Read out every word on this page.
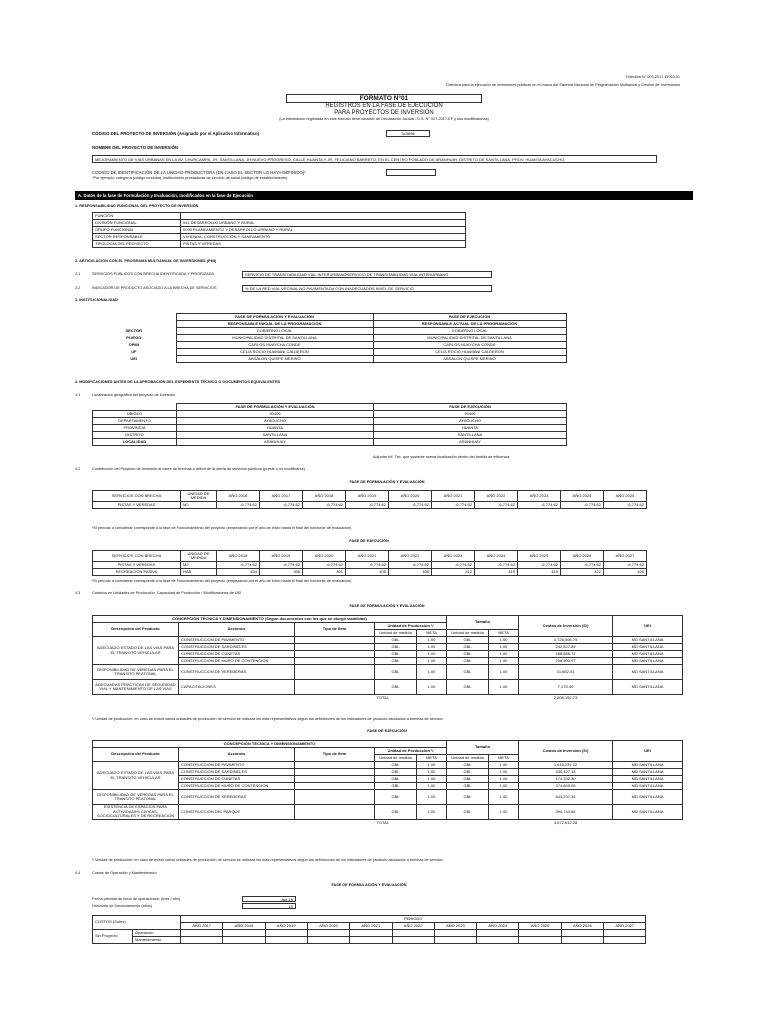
Directiva N° 003-2017-EF/63.01
Directiva para la ejecución de inversiones públicas en el marco del Sistema Nacional de Programación Multianual y Gestión de Inversiones
FORMATO N°01
REGISTROS EN LA FASE DE EJECUCIÓN
PARA PROYECTOS DE INVERSIÓN
(La información registrada en este formato tiene carácter de Declaración Jurada - D.S. N° 027-2017-EF y sus modificatorias)
CÓDIGO DEL PROYECTO DE INVERSIÓN (Asignado por el Aplicativo Informático)	343898
NOMBRE DEL PROYECTO DE INVERSIÓN
MEJORAMIENTO DE VIAS URBANAS EN LA AV. CHURCAMPA, JR. SANTILLANA, JR.NUEVO PROGRESO, CALLE HUANTA Y JR. FELICIANO BARRETO, EN EL CENTRO POBLADO DE ARANHUAY, DISTRITO DE SANTILLANA, PROV. HUANTA AYACUCHO
CODIGO DE IDENTIFICACIÓN DE LA UNIDAD PRODUCTORA (EN CASO EL SECTOR LO HAYA DEFINIDO)*
*Por ejemplo: categoría (código modular), instituciones prestadoras de servicio de salud (código de establecimiento)
A. Datos de la fase de Formulación y Evaluación, modificados en la fase de Ejecución
1. RESPONSABILIDAD FUNCIONAL DEL PROYECTO DE INVERSIÓN
FUNCIÓN	
DIVISIÓN FUNCIONAL	041 DESARROLLO URBANO Y RURAL
GRUPO FUNCIONAL	0090 PLANEAMIENTO Y DESARROLLO URBANO Y RURAL
SECTOR RESPONSABLE	VIVIENDA, CONSTRUCCIÓN Y SANEAMIENTO
TIPOLOGÍA DEL PROYECTO	PISTAS Y VEREDAS
2. ARTICULACIÓN CON EL PROGRAMA MULTIANUAL DE INVERSIONES (PMI)
2.1	SERVICIOS PÚBLICOS CON BRECHA IDENTIFICADA Y PRIORIZADA	SERVICIO DE TRANSITABILIDAD VIAL INTERURBANOSERVICIO DE TRANSITABILIDAD VIAL INTERURBANO
2.2	INDICADOR DE PRODUCTO ASOCIADO A LA BRECHA DE SERVICIOS	% DE LA RED VIAL VECINAL NO PAVIMENTADA CON INADECUADOS NIVEL DE SERVICIO
3. INSTITUCIONALIDAD
	FASE DE FORMULACIÓN Y EVALUACIÓN	FASE DE EJECUCIÓN
	RESPONSABLE INICIAL DE LA PROGRAMACIÓN	RESPONSABLE ACTUAL DE LA PROGRAMACIÓN
SECTOR	GOBIERNO LOCAL	GOBIERNO LOCAL
PLIEGO	MUNICIPALIDAD DISTRITAL DE SANTILLANA	MUNICIPALIDAD DISTRITAL DE SANTILLANA
OPMI	CARLOS HUAYCHA CONDE	CARLOS HUAYCHA CONDE
UF	CELIA ROCIO HUAMANI CALDERON	CELIA ROCIO HUAMANI CALDERON
UEI	ABSALON QUISPE MERINO	ABSALON QUISPE MERINO
4. MODIFICACIONES ANTES DE LA APROBACIÓN DEL EXPEDIENTE TÉCNICO O DOCUMENTOS EQUIVALENTES
4.1	Localización geográfica del proyecto de inversión
	FASE DE FORMULACIÓN Y EVALUACIÓN	FASE DE EJECUCIÓN
UBIGEO	50406	50406
DEPARTAMENTO	AYACUCHO	AYACUCHO
PROVINCIA	HUANTA	HUANTA
DISTRITO	SANTILLANA	SANTILLANA
LOCALIDAD	ARANHUAY	ARANHUAY
Adjuntar Inf. Téc. que sustente nueva localización dentro del ámbito de influencia
4.2	Contribución del Proyecto de Inversión al cierre de brechas a déficit de la oferta de servicios públicos (puede o no modificarse)
FASE DE FORMULACIÓN Y EVALUACIÓN
SERVICIOS CON BRECHA	UNIDAD DE MEDIDA	AÑO 2016	AÑO 2017	AÑO 2018	AÑO 2019	AÑO 2020	AÑO 2021	AÑO 2022	AÑO 2023	AÑO 2024	AÑO 2025
PISTAS Y VEREDAS	M2	-6,774.62	-6,774.62	-6,774.62	-6,774.62	-6,774.62	-6,774.62	-6,774.62	-6,774.62	-6,774.62	-6,774.62
*El período a considerar corresponde a la fase de Funcionamiento del proyecto (empezando por el año de inicio hasta el final del horizonte de evaluación)
FASE DE EJECUCIÓN
SERVICIOS CON BRECHA	UNIDAD DE MEDIDA	AÑO 2018	AÑO 2019	AÑO 2020	AÑO 2021	AÑO 2022	AÑO 2023	AÑO 2024	AÑO 2025	AÑO 2026	AÑO 2027
PISTAS Y VEREDAS	M2	-6,774.62	-6,774.62	-6,774.62	-6,774.62	-6,774.62	-6,774.62	-6,774.62	-6,774.62	-6,774.62	-6,774.62
RECREACION PASIVA	HAB	434	398	401	405	408	412	415	419	422	426
*El período a considerar corresponde a la fase de Funcionamiento del proyecto (empezando por el año de inicio hasta el final del horizonte de evaluación)
4.3	Cambios en Unidades de Producción, Capacidad de Producción / Modificaciones de UEI
FASE DE FORMULACIÓN Y EVALUACIÓN
CONCEPCIÓN TÉCNICA Y DIMENSIONAMIENTO (Según documentos con los que se otorgó viabilidad)					Tamaño		Costos de Inversión (S/)	UEI
Descripción del Producto	Acciones	Tipo de Ítem	Unidad de Producción ¹/					
			Unidad de medida	META	Unidad de medida	META		
ADECUADO ESTADO DE LAS VIAS PARA EL TRANSITO VEHICULAR	CONSTRUCCION DE PAVIMENTO		GBL	1.00	GBL	1.00	1,726,006.75	MD SANTILLANA
	CONSTRUCCION DE SARDINELES		GBL	1.00	GBL	1.00	242,827.89	MD SANTILLANA
	CONSTRUCCION DE CUNETAS		GBL	1.00	GBL	1.00	458,868.72	MD SANTILLANA
	CONSTRUCCION DE MURO DE CONTENCION		GBL	1.00	GBL	1.00	238,503.97	MD SANTILLANA
DISPONIBILIDAD DE VEREDAS PARA EL TRANSITO PEATONAL	CONSTRUCCION DE VEREDERAS		GBL	1.00	GBL	1.00	31,662.01	MD SANTILLANA
ADECUADAS PRACTICAS DE SEGURIDAD VIAL Y MANTENIMIENTO DE LAS VIAS	CAPACITACIONES		GBL	1.00	GBL	1.00	7,175.40	MD SANTILLANA
			TOTAL				2,806,152.73	
¹/ Unidad de producción: en caso de existir varios unidades de producción de servicio se indicará los más representativos según las definiciones de los indicadores de producto asociados a brechas de servicio.
FASE DE EJECUCIÓN
CONCEPCIÓN TÉCNICA Y DIMENSIONAMIENTO					Tamaño		Costos de Inversión (S/)	UEI
Descripción del Producto	Acciones	Tipo de Ítem	Unidad de Producción ¹/					
			Unidad de medida	META	Unidad de medida	META		
ADECUADO ESTADO DE LAS VIAS PARA EL TRANSITO VEHICULAR	CONSTRUCCION DE PAVIMENTO		GBL	1.00	GBL	1.00	1,618,231.12	MD SANTILLANA
	CONSTRUCCION DE SARDINELES		GBL	1.00	GBL	1.00	335,427.13	MD SANTILLANA
	CONSTRUCCION DE CUNETAS		GBL	1.00	GBL	1.00	174,332.30	MD SANTILLANA
	CONSTRUCCION DE MURO DE CONTENCION		GBL	1.00	GBL	1.00	374,849.05	MD SANTILLANA
DISPONIBILIDAD DE VEREDAS PARA EL TRANSITO PEATONAL	CONSTRUCCION DE VEREDERAS		GBL	1.00	GBL	1.00	643,237.34	MD SANTILLANA
EXISTENCIA DE ESPACIOS PARA ACTIVIDADES CIVICAS, SOCIOCULTURALES Y DE RECREACION	CONSTRUCCION DEL PARQUE		GBL	1.00	GBL	1.00	394,743.84	MD SANTILLANA
			TOTAL				3,672,612.28	
¹/ Unidad de producción: en caso de existir varios unidades de producción de servicio se indicará los más representativos según las definiciones de los indicadores de producto asociados a brechas de servicio.
4.4	Costos de Operación y Mantenimiento
FASE DE FORMULACIÓN Y EVALUACIÓN
Fecha prevista de inicio de operaciones: (mes / año)	Jan-19
Horizonte de funcionamiento (años)	10
COSTOS (Soles)		PERIODO										
		AÑO 2017	AÑO 2018	AÑO 2019	AÑO 2020	AÑO 2021	AÑO 2022	AÑO 2023	AÑO 2024	AÑO 2025	AÑO 2026	AÑO 2027
Sin Proyecto	Operación											
	Mantenimiento											
